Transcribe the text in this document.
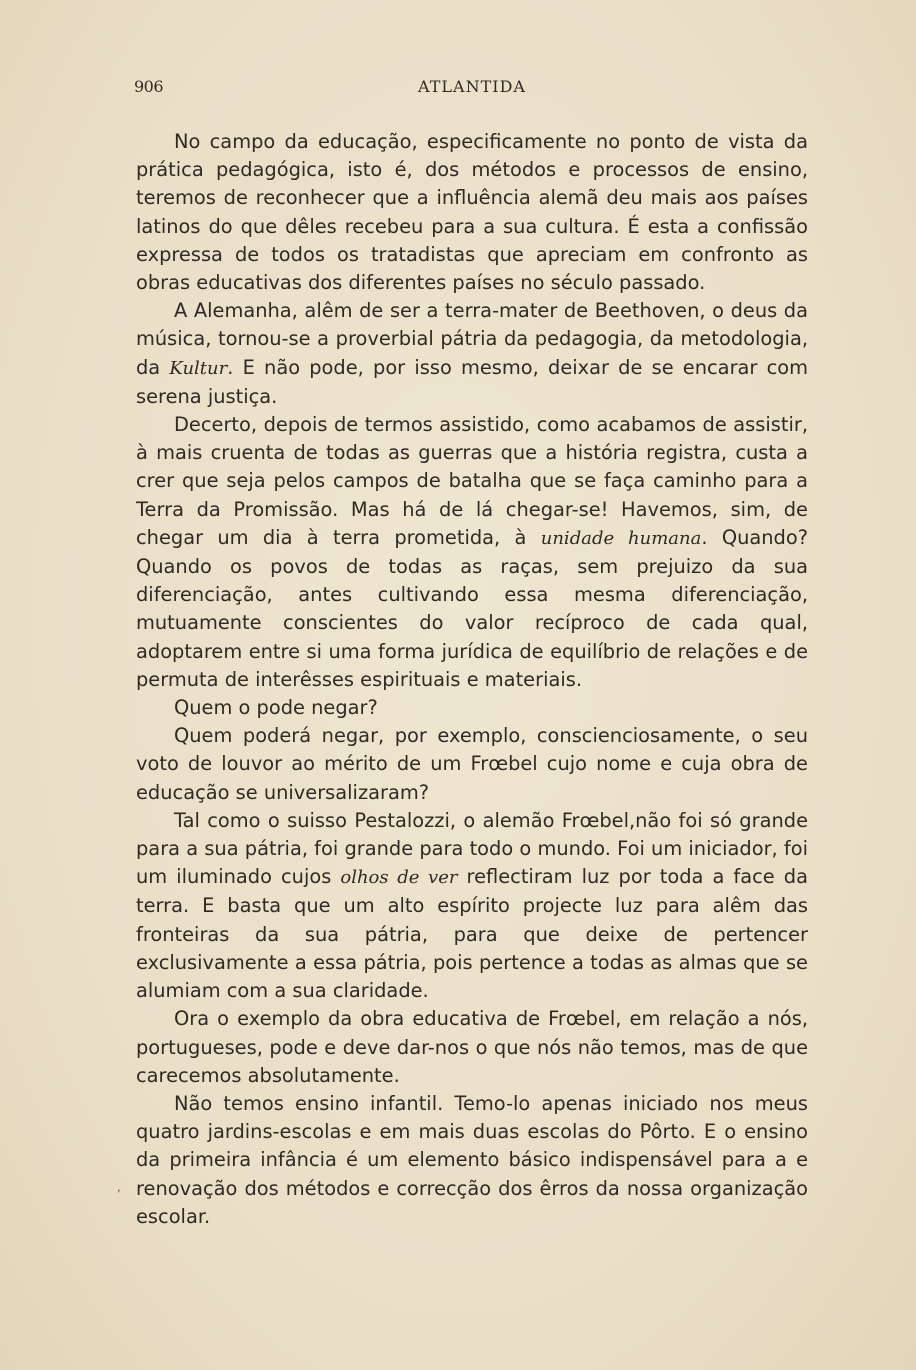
906	ATLANTIDA

No campo da educação, especificamente no ponto de vista da prática pedagógica, isto é, dos métodos e processos de ensino, teremos de reconhecer que a influência alemã deu mais aos países latinos do que dêles recebeu para a sua cultura. É esta a confissão expressa de todos os tratadistas que apreciam em confronto as obras educativas dos diferentes países no século passado.

A Alemanha, alêm de ser a terra-mater de Beethoven, o deus da música, tornou-se a proverbial pátria da pedagogia, da metodologia, da Kultur. E não pode, por isso mesmo, deixar de se encarar com serena justiça.

Decerto, depois de termos assistido, como acabamos de assistir, à mais cruenta de todas as guerras que a história registra, custa a crer que seja pelos campos de batalha que se faça caminho para a Terra da Promissão. Mas há de lá chegar-se! Havemos, sim, de chegar um dia à terra prometida, à unidade humana. Quando? Quando os povos de todas as raças, sem prejuizo da sua diferenciação, antes cultivando essa mesma diferenciação, mutuamente conscientes do valor recíproco de cada qual, adoptarem entre si uma forma jurídica de equilíbrio de relações e de permuta de interêsses espirituais e materiais.

Quem o pode negar?

Quem poderá negar, por exemplo, conscienciosamente, o seu voto de louvor ao mérito de um Frœbel cujo nome e cuja obra de educação se universalizaram?

Tal como o suisso Pestalozzi, o alemão Frœbel,não foi só grande para a sua pátria, foi grande para todo o mundo. Foi um iniciador, foi um iluminado cujos olhos de ver reflectiram luz por toda a face da terra. E basta que um alto espírito projecte luz para alêm das fronteiras da sua pátria, para que deixe de pertencer exclusivamente a essa pátria, pois pertence a todas as almas que se alumiam com a sua claridade.

Ora o exemplo da obra educativa de Frœbel, em relação a nós, portugueses, pode e deve dar-nos o que nós não temos, mas de que carecemos absolutamente.

Não temos ensino infantil. Temo-lo apenas iniciado nos meus quatro jardins-escolas e em mais duas escolas do Pôrto. E o ensino da primeira infância é um elemento básico indispensável para a e renovação dos métodos e correcção dos êrros da nossa organização escolar.

,
